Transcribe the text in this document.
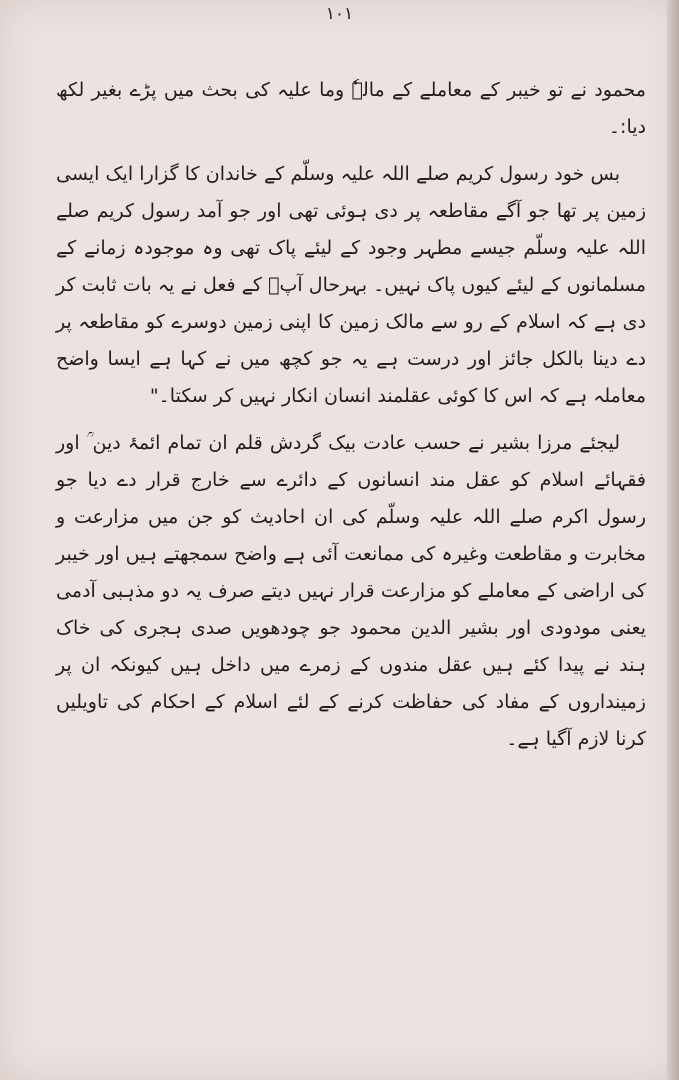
۱۰۱

محمود نے تو خیبر کے معاملے کے مالہٗ وما علیہ کی بحث میں پڑے بغیر لکھ دیا:۔

بس خود رسول کریم صلے اللہ علیہ وسلّم کے خاندان کا گزارا ایک ایسی زمین پر تھا جو آگے مقاطعہ پر دی ہوئی تھی اور جو آمد رسول کریم صلے اللہ علیہ وسلّم جیسے مطہر وجود کے لیئے پاک تھی وہ موجودہ زمانے کے مسلمانوں کے لیئے کیوں پاک نہیں۔ بہرحال آپؐ کے فعل نے یہ بات ثابت کر دی ہے کہ اسلام کے رو سے مالک زمین کا اپنی زمین دوسرے کو مقاطعہ پر دے دینا بالکل جائز اور درست ہے یہ جو کچھ میں نے کہا ہے ایسا واضح معاملہ ہے کہ اس کا کوئی عقلمند انسان انکار نہیں کر سکتا۔"

لیجئے مرزا بشیر نے حسب عادت بیک گردش قلم ان تمام ائمۂ دین ؒ اور فقہائے اسلام کو عقل مند انسانوں کے دائرے سے خارج قرار دے دیا جو رسول اکرم صلے اللہ علیہ وسلّم کی ان احادیث کو جن میں مزارعت و مخابرت و مقاطعت وغیرہ کی ممانعت آئی ہے واضح سمجھتے ہیں اور خیبر کی اراضی کے معاملے کو مزارعت قرار نہیں دیتے صرف یہ دو مذہبی آدمی یعنی مودودی اور بشیر الدین محمود جو چودھویں صدی ہجری کی خاک ہند نے پیدا کئے ہیں عقل مندوں کے زمرے میں داخل ہیں کیونکہ ان پر زمینداروں کے مفاد کی حفاظت کرنے کے لئے اسلام کے احکام کی تاویلیں کرنا لازم آگیا ہے۔
